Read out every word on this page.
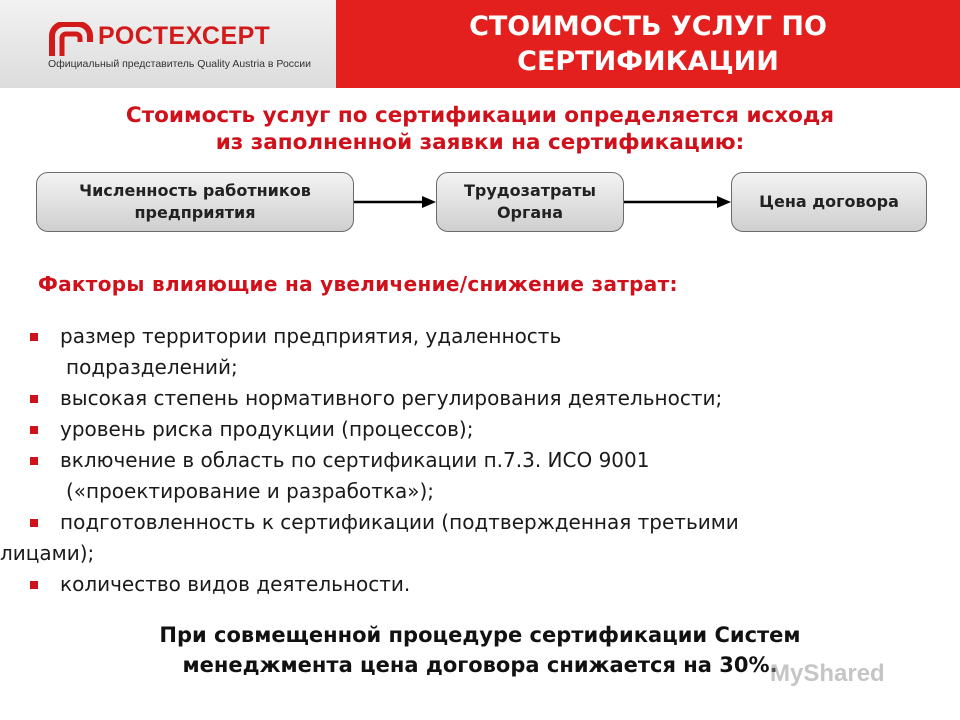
РОСТЕХСЕРТ
Официальный представитель Quality Austria в России
СТОИМОСТЬ УСЛУГ ПО
СЕРТИФИКАЦИИ
Стоимость услуг по сертификации определяется исходя
из заполненной заявки на сертификацию:
Численность работников
предприятия
Трудозатраты
Органа
Цена договора
Факторы влияющие на увеличение/снижение затрат:
размер территории предприятия, удаленность
подразделений;
высокая степень нормативного регулирования деятельности;
уровень риска продукции (процессов);
включение в область по сертификации п.7.3. ИСО 9001
(«проектирование и разработка»);
подготовленность к сертификации (подтвержденная третьими
лицами);
количество видов деятельности.
При совмещенной процедуре сертификации Систем
менеджмента цена договора снижается на 30%.
MyShared
